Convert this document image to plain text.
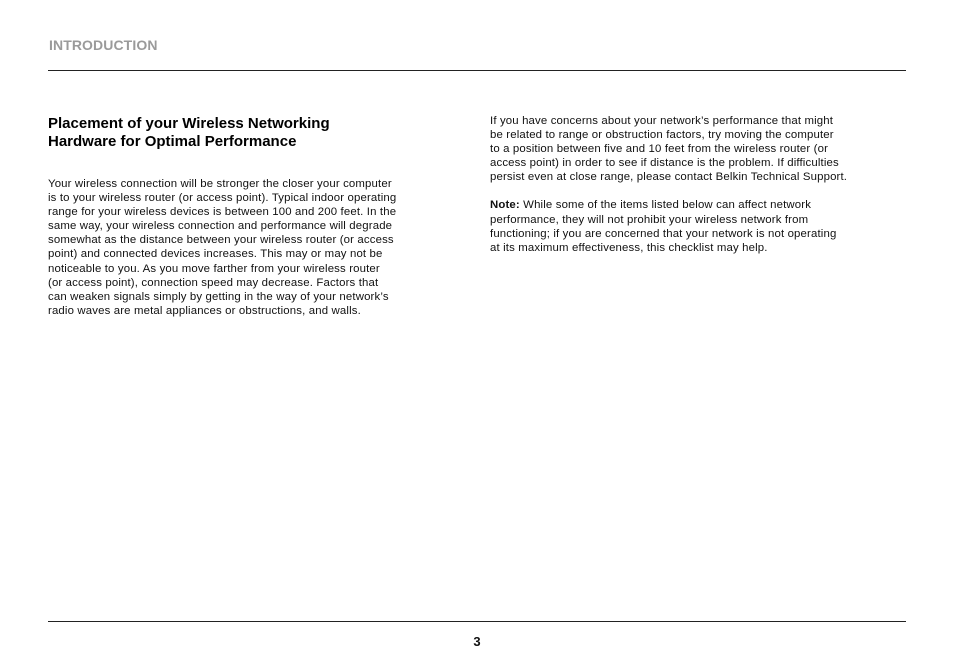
INTRODUCTION

Placement of your Wireless Networking
Hardware for Optimal Performance

Your wireless connection will be stronger the closer your computer
is to your wireless router (or access point). Typical indoor operating
range for your wireless devices is between 100 and 200 feet. In the
same way, your wireless connection and performance will degrade
somewhat as the distance between your wireless router (or access
point) and connected devices increases. This may or may not be
noticeable to you. As you move farther from your wireless router
(or access point), connection speed may decrease. Factors that
can weaken signals simply by getting in the way of your network’s
radio waves are metal appliances or obstructions, and walls.

If you have concerns about your network’s performance that might
be related to range or obstruction factors, try moving the computer
to a position between five and 10 feet from the wireless router (or
access point) in order to see if distance is the problem. If difficulties
persist even at close range, please contact Belkin Technical Support.

Note: While some of the items listed below can affect network
performance, they will not prohibit your wireless network from
functioning; if you are concerned that your network is not operating
at its maximum effectiveness, this checklist may help.

3
